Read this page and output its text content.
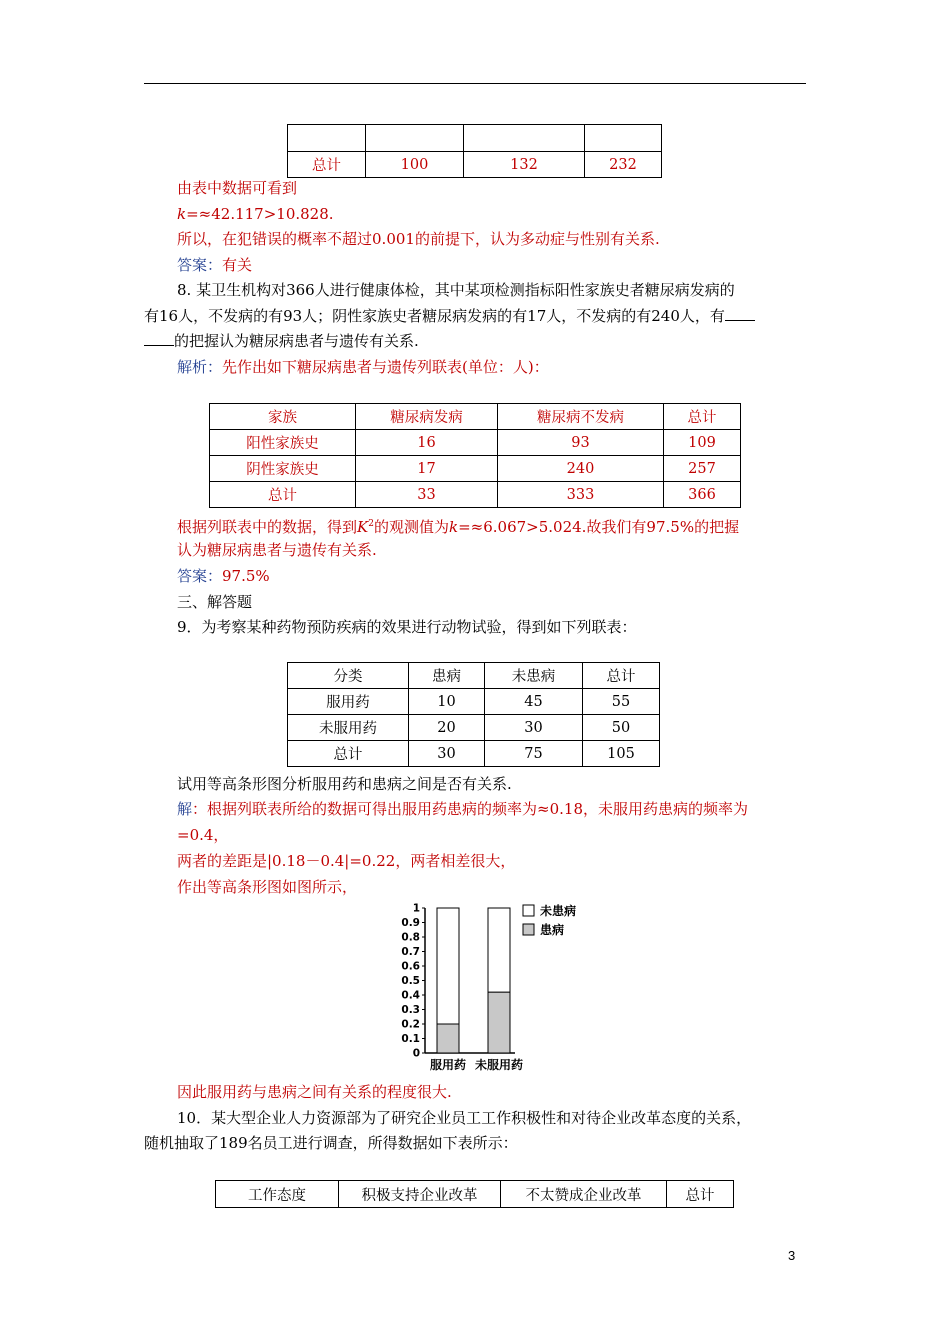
总计	100	132	232
由表中数据可看到
k=≈42.117>10.828.
所以，在犯错误的概率不超过0.001的前提下，认为多动症与性别有关系.
答案：有关
8. 某卫生机构对366人进行健康体检，其中某项检测指标阳性家族史者糖尿病发病的
有16人，不发病的有93人；阴性家族史者糖尿病发病的有17人，不发病的有240人，有
的把握认为糖尿病患者与遗传有关系.
解析：先作出如下糖尿病患者与遗传列联表(单位：人)：
家族	糖尿病发病	糖尿病不发病	总计
阳性家族史	16	93	109
阴性家族史	17	240	257
总计	33	333	366
根据列联表中的数据，得到$K^2$的观测值为k=≈6.067>5.024.故我们有97.5%的把握
认为糖尿病患者与遗传有关系.
答案：97.5%
三、解答题
9．为考察某种药物预防疾病的效果进行动物试验，得到如下列联表：
分类	患病	未患病	总计
服用药	10	45	55
未服用药	20	30	50
总计	30	75	105
试用等高条形图分析服用药和患病之间是否有关系.
解：根据列联表所给的数据可得出服用药患病的频率为≈0.18，未服用药患病的频率为
=0.4，
两者的差距是|0.18－0.4|=0.22，两者相差很大，
作出等高条形图如图所示，
0
0.1
0.2
0.3
0.4
0.5
0.6
0.7
0.8
0.9
1
服用药 未服用药
未患病
患病
因此服用药与患病之间有关系的程度很大.
10．某大型企业人力资源部为了研究企业员工工作积极性和对待企业改革态度的关系，
随机抽取了189名员工进行调查，所得数据如下表所示：
工作态度	积极支持企业改革	不太赞成企业改革	总计
3
